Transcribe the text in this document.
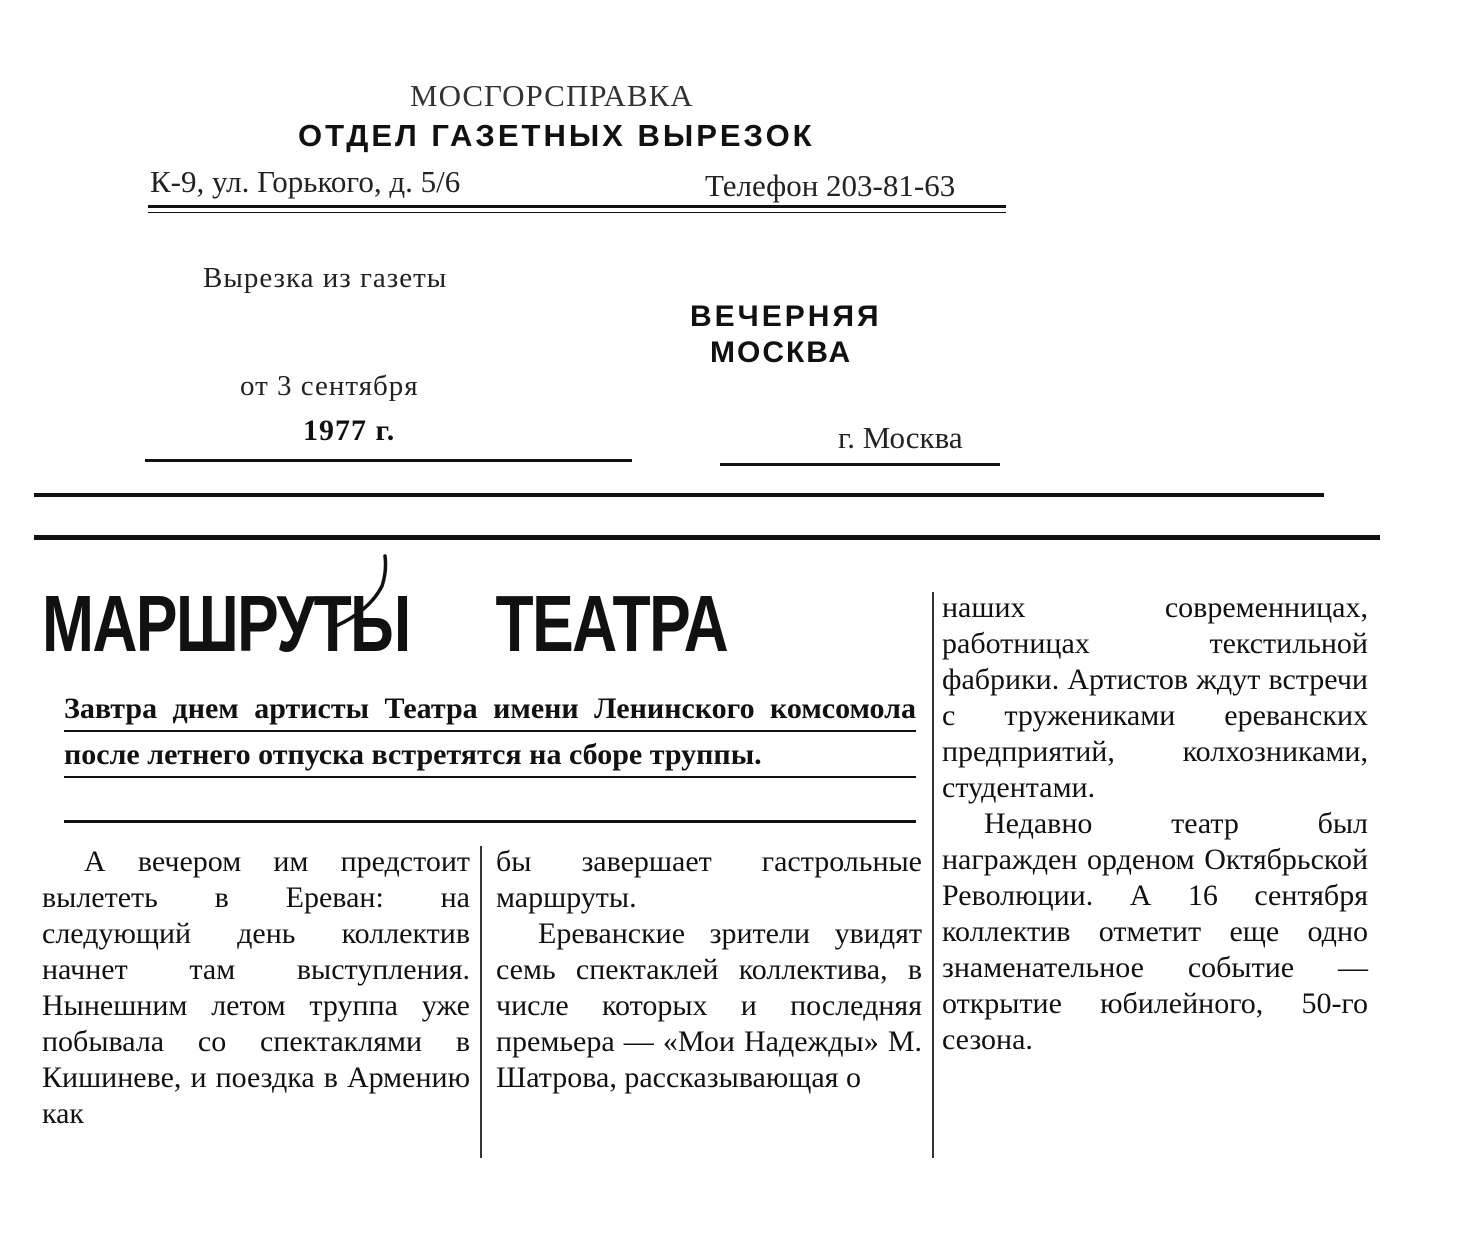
МОСГОРСПРАВКА
ОТДЕЛ ГАЗЕТНЫХ ВЫРЕЗОК
К-9, ул. Горького, д. 5/6	Телефон 203-81-63
Вырезка из газеты
ВЕЧЕРНЯЯ
МОСКВА
от 3 сентября
1977 г.	г. Москва
МАРШРУТЫ ТЕАТРА

Завтра днем артисты Театра имени Ленинского комсомола после летнего отпуска встретятся на сборе труппы.

А вечером им предстоит вылететь в Ереван: на следующий день коллектив начнет там выступления. Нынешним летом труппа уже побывала со спектаклями в Кишиневе, и поездка в Армению как

бы завершает гастрольные маршруты.

Ереванские зрители увидят семь спектаклей коллектива, в числе которых и последняя премьера — «Мои Надежды» М. Шатрова, рассказывающая о

наших современницах, работницах текстильной фабрики. Артистов ждут встречи с тружениками ереванских предприятий, колхозниками, студентами.

Недавно театр был награжден орденом Октябрьской Революции. А 16 сентября коллектив отметит еще одно знаменательное событие — открытие юбилейного, 50-го сезона.
